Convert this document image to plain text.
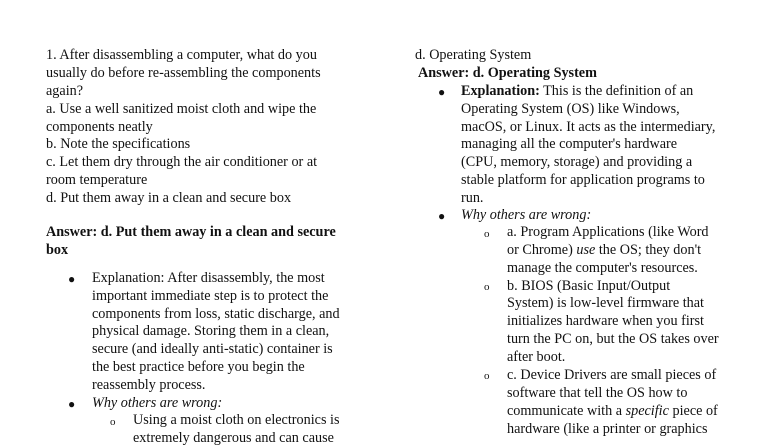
1. After disassembling a computer, what do you
usually do before re-assembling the components
again?
a. Use a well sanitized moist cloth and wipe the
components neatly
b. Note the specifications
c. Let them dry through the air conditioner or at
room temperature
d. Put them away in a clean and secure box
Answer: d. Put them away in a clean and secure
box
● Explanation: After disassembly, the most
important immediate step is to protect the
components from loss, static discharge, and
physical damage. Storing them in a clean,
secure (and ideally anti-static) container is
the best practice before you begin the
reassembly process.
● Why others are wrong:
o Using a moist cloth on electronics is
extremely dangerous and can cause
d. Operating System
Answer: d. Operating System
● Explanation: This is the definition of an
Operating System (OS) like Windows,
macOS, or Linux. It acts as the intermediary,
managing all the computer's hardware
(CPU, memory, storage) and providing a
stable platform for application programs to
run.
● Why others are wrong:
o a. Program Applications (like Word
or Chrome) use the OS; they don't
manage the computer's resources.
o b. BIOS (Basic Input/Output
System) is low-level firmware that
initializes hardware when you first
turn the PC on, but the OS takes over
after boot.
o c. Device Drivers are small pieces of
software that tell the OS how to
communicate with a specific piece of
hardware (like a printer or graphics
